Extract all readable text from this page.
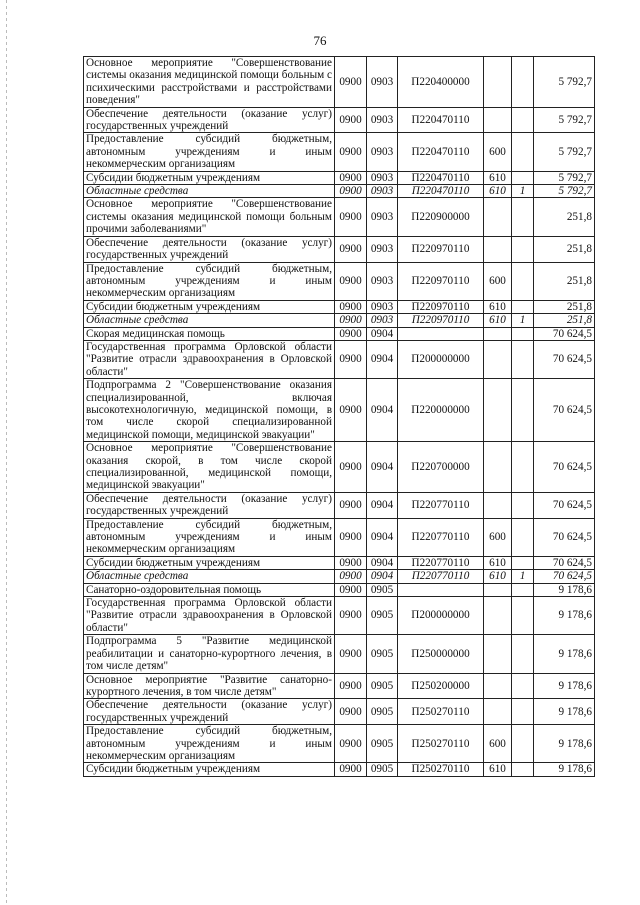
76
Основное мероприятие "Совершенствование системы оказания медицинской помощи больным с психическими расстройствами и расстройствами поведения"	0900	0903	П220400000			5 792,7
Обеспечение деятельности (оказание услуг) государственных учреждений	0900	0903	П220470110			5 792,7
Предоставление субсидий бюджетным, автономным учреждениям и иным некоммерческим организациям	0900	0903	П220470110	600		5 792,7
Субсидии бюджетным учреждениям	0900	0903	П220470110	610		5 792,7
Областные средства	0900	0903	П220470110	610	1	5 792,7
Основное мероприятие "Совершенствование системы оказания медицинской помощи больным прочими заболеваниями"	0900	0903	П220900000			251,8
Обеспечение деятельности (оказание услуг) государственных учреждений	0900	0903	П220970110			251,8
Предоставление субсидий бюджетным, автономным учреждениям и иным некоммерческим организациям	0900	0903	П220970110	600		251,8
Субсидии бюджетным учреждениям	0900	0903	П220970110	610		251,8
Областные средства	0900	0903	П220970110	610	1	251,8
Скорая медицинская помощь	0900	0904				70 624,5
Государственная программа Орловской области "Развитие отрасли здравоохранения в Орловской области"	0900	0904	П200000000			70 624,5
Подпрограмма 2 "Совершенствование оказания специализированной, включая высокотехнологичную, медицинской помощи, в том числе скорой специализированной медицинской помощи, медицинской эвакуации"	0900	0904	П220000000			70 624,5
Основное мероприятие "Совершенствование оказания скорой, в том числе скорой специализированной, медицинской помощи, медицинской эвакуации"	0900	0904	П220700000			70 624,5
Обеспечение деятельности (оказание услуг) государственных учреждений	0900	0904	П220770110			70 624,5
Предоставление субсидий бюджетным, автономным учреждениям и иным некоммерческим организациям	0900	0904	П220770110	600		70 624,5
Субсидии бюджетным учреждениям	0900	0904	П220770110	610		70 624,5
Областные средства	0900	0904	П220770110	610	1	70 624,5
Санаторно-оздоровительная помощь	0900	0905				9 178,6
Государственная программа Орловской области "Развитие отрасли здравоохранения в Орловской области"	0900	0905	П200000000			9 178,6
Подпрограмма 5 "Развитие медицинской реабилитации и санаторно-курортного лечения, в том числе детям"	0900	0905	П250000000			9 178,6
Основное мероприятие "Развитие санаторно-курортного лечения, в том числе детям"	0900	0905	П250200000			9 178,6
Обеспечение деятельности (оказание услуг) государственных учреждений	0900	0905	П250270110			9 178,6
Предоставление субсидий бюджетным, автономным учреждениям и иным некоммерческим организациям	0900	0905	П250270110	600		9 178,6
Субсидии бюджетным учреждениям	0900	0905	П250270110	610		9 178,6
